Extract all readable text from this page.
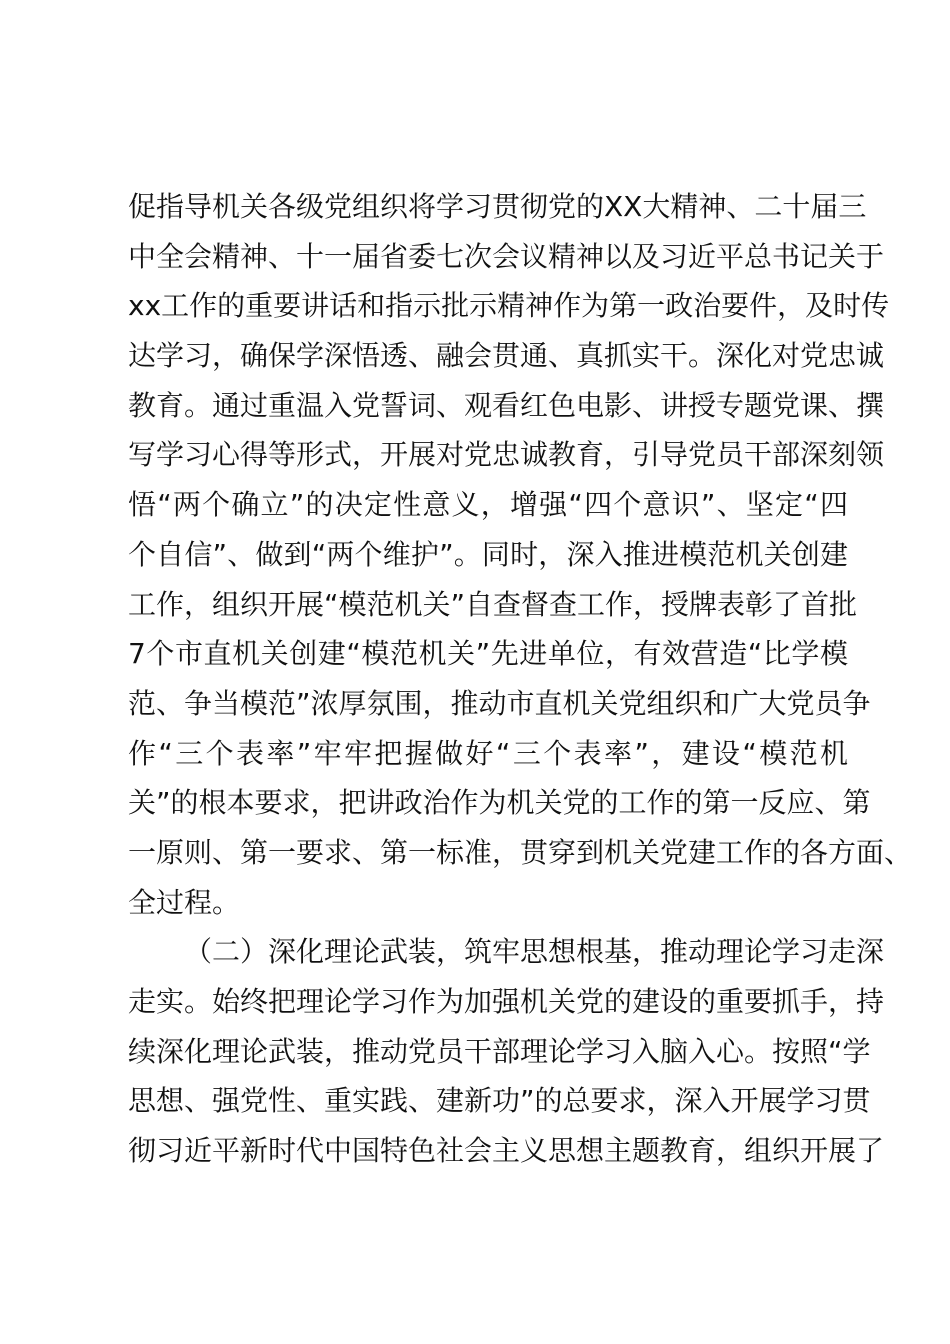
促指导机关各级党组织将学习贯彻党的XX大精神、二十届三
中全会精神、十一届省委七次会议精神以及习近平总书记关于
xx工作的重要讲话和指示批示精神作为第一政治要件，及时传
达学习，确保学深悟透、融会贯通、真抓实干。深化对党忠诚
教育。通过重温入党誓词、观看红色电影、讲授专题党课、撰
写学习心得等形式，开展对党忠诚教育，引导党员干部深刻领
悟“两个确立”的决定性意义，增强“四个意识”、坚定“四
个自信”、做到“两个维护”。同时，深入推进模范机关创建
工作，组织开展“模范机关”自查督查工作，授牌表彰了首批
7个市直机关创建“模范机关”先进单位，有效营造“比学模
范、争当模范”浓厚氛围，推动市直机关党组织和广大党员争
作“三个表率”牢牢把握做好“三个表率”，建设“模范机
关”的根本要求，把讲政治作为机关党的工作的第一反应、第
一原则、第一要求、第一标准，贯穿到机关党建工作的各方面、
全过程。
（二）深化理论武装，筑牢思想根基，推动理论学习走深
走实。始终把理论学习作为加强机关党的建设的重要抓手，持
续深化理论武装，推动党员干部理论学习入脑入心。按照“学
思想、强党性、重实践、建新功”的总要求，深入开展学习贯
彻习近平新时代中国特色社会主义思想主题教育，组织开展了
